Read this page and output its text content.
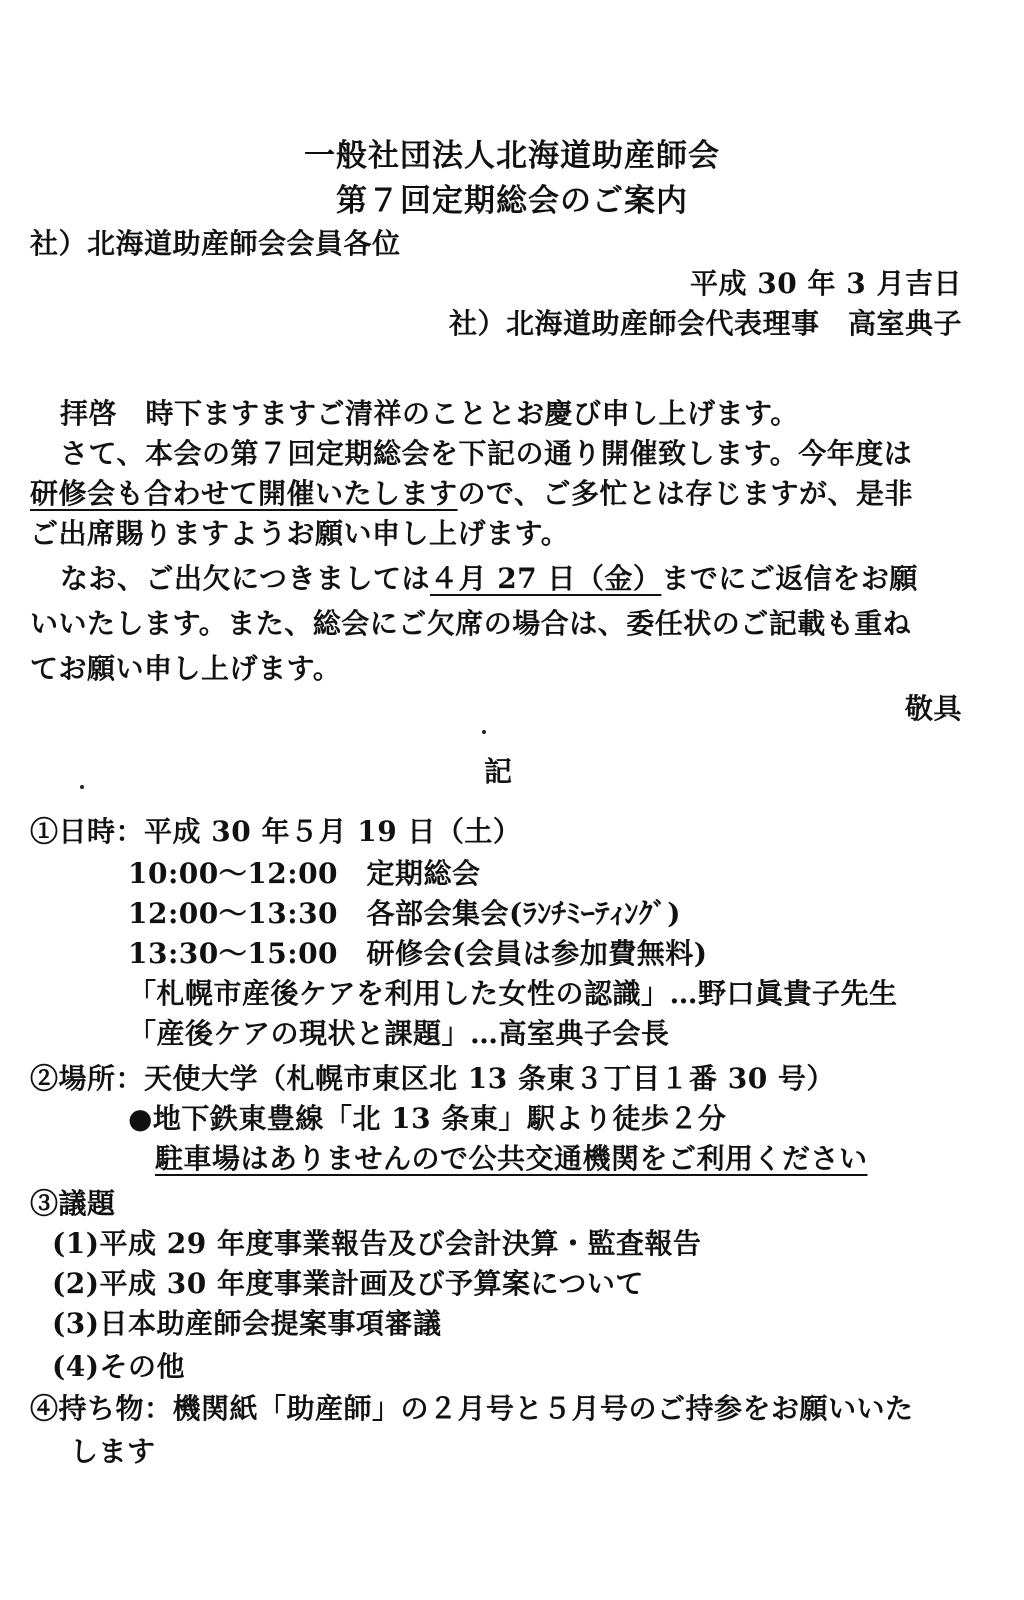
一般社団法人北海道助産師会
第７回定期総会のご案内
社）北海道助産師会会員各位
平成 30 年 3 月吉日
社）北海道助産師会代表理事　高室典子
拝啓　時下ますますご清祥のこととお慶び申し上げます。
さて、本会の第７回定期総会を下記の通り開催致します。今年度は
研修会も合わせて開催いたしますので、ご多忙とは存じますが、是非
ご出席賜りますようお願い申し上げます。
なお、ご出欠につきましては４月 27 日（金）までにご返信をお願
いいたします。また、総会にご欠席の場合は、委任状のご記載も重ね
てお願い申し上げます。
敬具
記
①日時：平成 30 年５月 19 日（土）
10:00〜12:00　定期総会
12:00〜13:30　各部会集会(ﾗﾝﾁﾐｰﾃｨﾝｸﾞ)
13:30〜15:00　研修会(会員は参加費無料)
「札幌市産後ケアを利用した女性の認識」…野口眞貴子先生
「産後ケアの現状と課題」…高室典子会長
②場所：天使大学（札幌市東区北 13 条東３丁目１番 30 号）
●地下鉄東豊線「北 13 条東」駅より徒歩２分
駐車場はありませんので公共交通機関をご利用ください
③議題
(1)平成 29 年度事業報告及び会計決算・監査報告
(2)平成 30 年度事業計画及び予算案について
(3)日本助産師会提案事項審議
(4)その他
④持ち物：機関紙「助産師」の２月号と５月号のご持参をお願いいた
します
